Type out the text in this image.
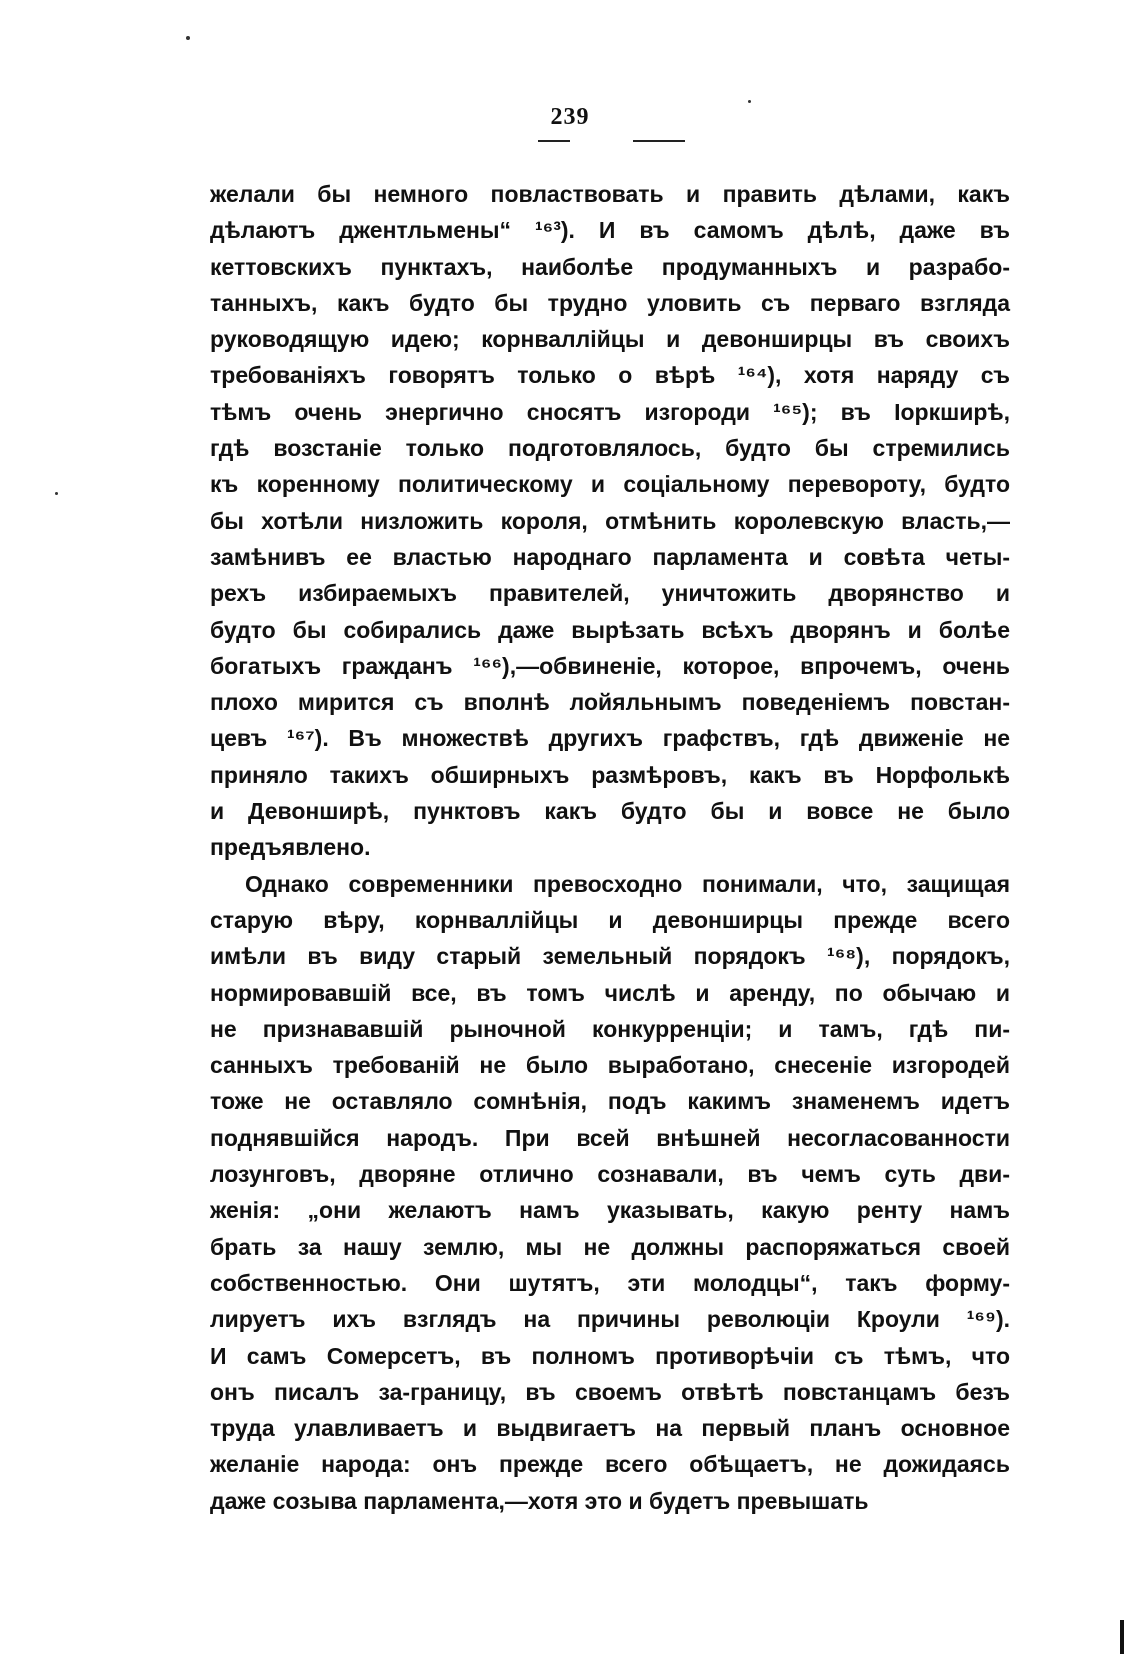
239
желали бы немного повластвовать и править дѣлами, какъ
дѣлаютъ джентльмены“ ¹⁶³). И въ самомъ дѣлѣ, даже въ
кеттовскихъ пунктахъ, наиболѣе продуманныхъ и разрабо-
танныхъ, какъ будто бы трудно уловить съ перваго взгляда
руководящую идею; корнваллійцы и девонширцы въ своихъ
требованіяхъ говорятъ только о вѣрѣ ¹⁶⁴), хотя наряду съ
тѣмъ очень энергично сносятъ изгороди ¹⁶⁵); въ Іоркширѣ,
гдѣ возстаніе только подготовлялось, будто бы стремились
къ коренному политическому и соціальному перевороту, будто
бы хотѣли низложить короля, отмѣнить королевскую власть,—
замѣнивъ ее властью народнаго парламента и совѣта четы-
рехъ избираемыхъ правителей, уничтожить дворянство и
будто бы собирались даже вырѣзать всѣхъ дворянъ и болѣе
богатыхъ гражданъ ¹⁶⁶),—обвиненіе, которое, впрочемъ, очень
плохо мирится съ вполнѣ лойяльнымъ поведеніемъ повстан-
цевъ ¹⁶⁷). Въ множествѣ другихъ графствъ, гдѣ движеніе не
приняло такихъ обширныхъ размѣровъ, какъ въ Норфолькѣ
и Девонширѣ, пунктовъ какъ будто бы и вовсе не было
предъявлено.
Однако современники превосходно понимали, что, защищая
старую вѣру, корнваллійцы и девонширцы прежде всего
имѣли въ виду старый земельный порядокъ ¹⁶⁸), порядокъ,
нормировавшій все, въ томъ числѣ и аренду, по обычаю и
не признававшій рыночной конкурренціи; и тамъ, гдѣ пи-
санныхъ требованій не было выработано, снесеніе изгородей
тоже не оставляло сомнѣнія, подъ какимъ знаменемъ идетъ
поднявшійся народъ. При всей внѣшней несогласованности
лозунговъ, дворяне отлично сознавали, въ чемъ суть дви-
женія: „они желаютъ намъ указывать, какую ренту намъ
брать за нашу землю, мы не должны распоряжаться своей
собственностью. Они шутятъ, эти молодцы“, такъ форму-
лируетъ ихъ взглядъ на причины революціи Кроули ¹⁶⁹).
И самъ Сомерсетъ, въ полномъ противорѣчіи съ тѣмъ, что
онъ писалъ за-границу, въ своемъ отвѣтѣ повстанцамъ безъ
труда улавливаетъ и выдвигаетъ на первый планъ основное
желаніе народа: онъ прежде всего обѣщаетъ, не дожидаясь
даже созыва парламента,—хотя это и будетъ превышать
